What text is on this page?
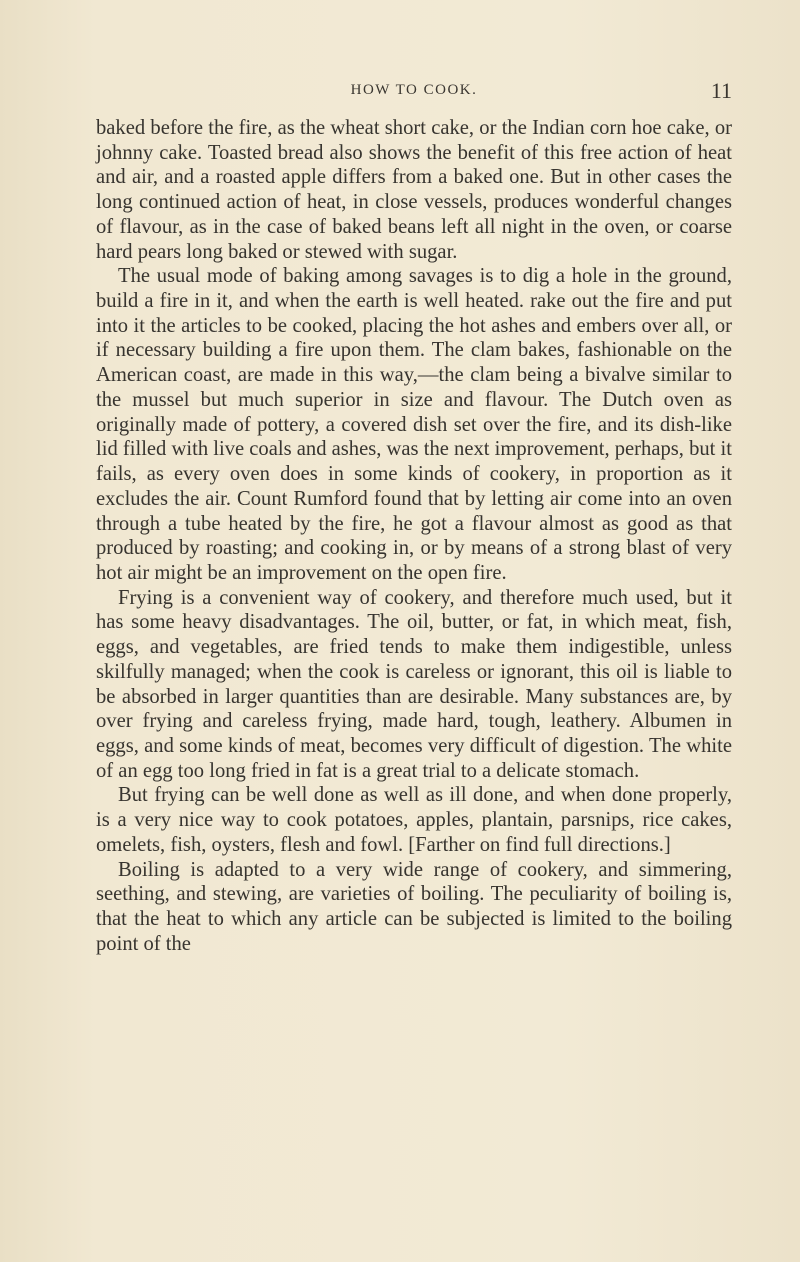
HOW TO COOK.	11

baked before the fire, as the wheat short cake, or the Indian corn hoe cake, or johnny cake. Toasted bread also shows the benefit of this free action of heat and air, and a roasted apple differs from a baked one. But in other cases the long continued action of heat, in close vessels, produces wonderful changes of flavour, as in the case of baked beans left all night in the oven, or coarse hard pears long baked or stewed with sugar.

The usual mode of baking among savages is to dig a hole in the ground, build a fire in it, and when the earth is well heated. rake out the fire and put into it the articles to be cooked, placing the hot ashes and embers over all, or if necessary building a fire upon them. The clam bakes, fashionable on the American coast, are made in this way,—the clam being a bivalve similar to the mussel but much superior in size and flavour. The Dutch oven as originally made of pottery, a covered dish set over the fire, and its dish-like lid filled with live coals and ashes, was the next improvement, perhaps, but it fails, as every oven does in some kinds of cookery, in proportion as it excludes the air. Count Rumford found that by letting air come into an oven through a tube heated by the fire, he got a flavour almost as good as that produced by roasting; and cooking in, or by means of a strong blast of very hot air might be an improvement on the open fire.

Frying is a convenient way of cookery, and therefore much used, but it has some heavy disadvantages. The oil, butter, or fat, in which meat, fish, eggs, and vegetables, are fried tends to make them indigestible, unless skilfully managed; when the cook is careless or ignorant, this oil is liable to be absorbed in larger quantities than are desirable. Many substances are, by over frying and careless frying, made hard, tough, leathery. Albumen in eggs, and some kinds of meat, becomes very difficult of digestion. The white of an egg too long fried in fat is a great trial to a delicate stomach.

But frying can be well done as well as ill done, and when done properly, is a very nice way to cook potatoes, apples, plantain, parsnips, rice cakes, omelets, fish, oysters, flesh and fowl. [Farther on find full directions.]

Boiling is adapted to a very wide range of cookery, and simmering, seething, and stewing, are varieties of boiling. The peculiarity of boiling is, that the heat to which any article can be subjected is limited to the boiling point of the
